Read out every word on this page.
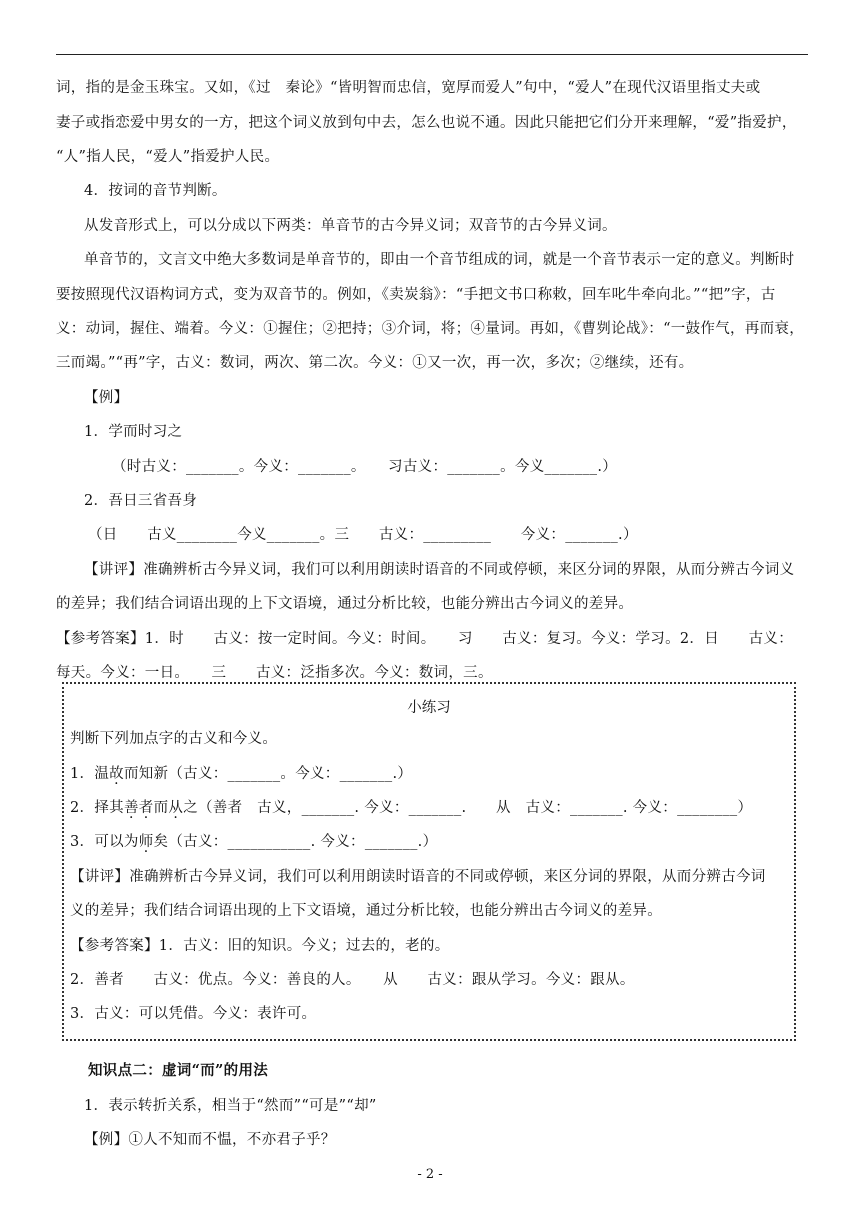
词，指的是金玉珠宝。又如，《过　秦论》“皆明智而忠信，宽厚而爱人”句中，“爱人”在现代汉语里指丈夫或
妻子或指恋爱中男女的一方，把这个词义放到句中去，怎么也说不通。因此只能把它们分开来理解，“爱”指爱护，
“人”指人民，“爱人”指爱护人民。
4．按词的音节判断。
从发音形式上，可以分成以下两类：单音节的古今异义词；双音节的古今异义词。
单音节的，文言文中绝大多数词是单音节的，即由一个音节组成的词，就是一个音节表示一定的意义。判断时
要按照现代汉语构词方式，变为双音节的。例如，《卖炭翁》：“手把文书口称敕，回车叱牛牵向北。”“把”字，古
义：动词，握住、端着。今义：①握住；②把持；③介词，将；④量词。再如，《曹刿论战》：“一鼓作气，再而衰，
三而竭。”“再”字，古义：数词，两次、第二次。今义：①又一次，再一次，多次；②继续，还有。
【例】
1．学而时习之
（时古义：_______。今义：_______。　　习古义：_______。今义_______.）
2．吾日三省吾身
（日　　古义________今义_______。三　　古义：_________　　今义：_______.）
【讲评】准确辨析古今异义词，我们可以利用朗读时语音的不同或停顿，来区分词的界限，从而分辨古今词义
的差异；我们结合词语出现的上下文语境，通过分析比较，也能分辨出古今词义的差异。
【参考答案】1．时　　古义：按一定时间。今义：时间。　　习　　古义：复习。今义：学习。2．日　　古义：
每天。今义：一日。　　三　　古义：泛指多次。今义：数词，三。
小练习
判断下列加点字的古义和今义。
1．温故而知新（古义：_______。今义：_______.）
2．择其善者而从之（善者　古义，_______. 今义：_______.　　从　古义：_______. 今义：________）
3．可以为师矣（古义：___________. 今义：_______.）
【讲评】准确辨析古今异义词，我们可以利用朗读时语音的不同或停顿，来区分词的界限，从而分辨古今词
义的差异；我们结合词语出现的上下文语境，通过分析比较，也能分辨出古今词义的差异。
【参考答案】1．古义：旧的知识。今义；过去的，老的。
2．善者　　古义：优点。今义：善良的人。　　从　　古义：跟从学习。今义：跟从。
3．古义：可以凭借。今义：表许可。
知识点二：虚词“而”的用法
1．表示转折关系，相当于“然而”“可是”“却”
【例】①人不知而不愠，不亦君子乎？
- 2 -
